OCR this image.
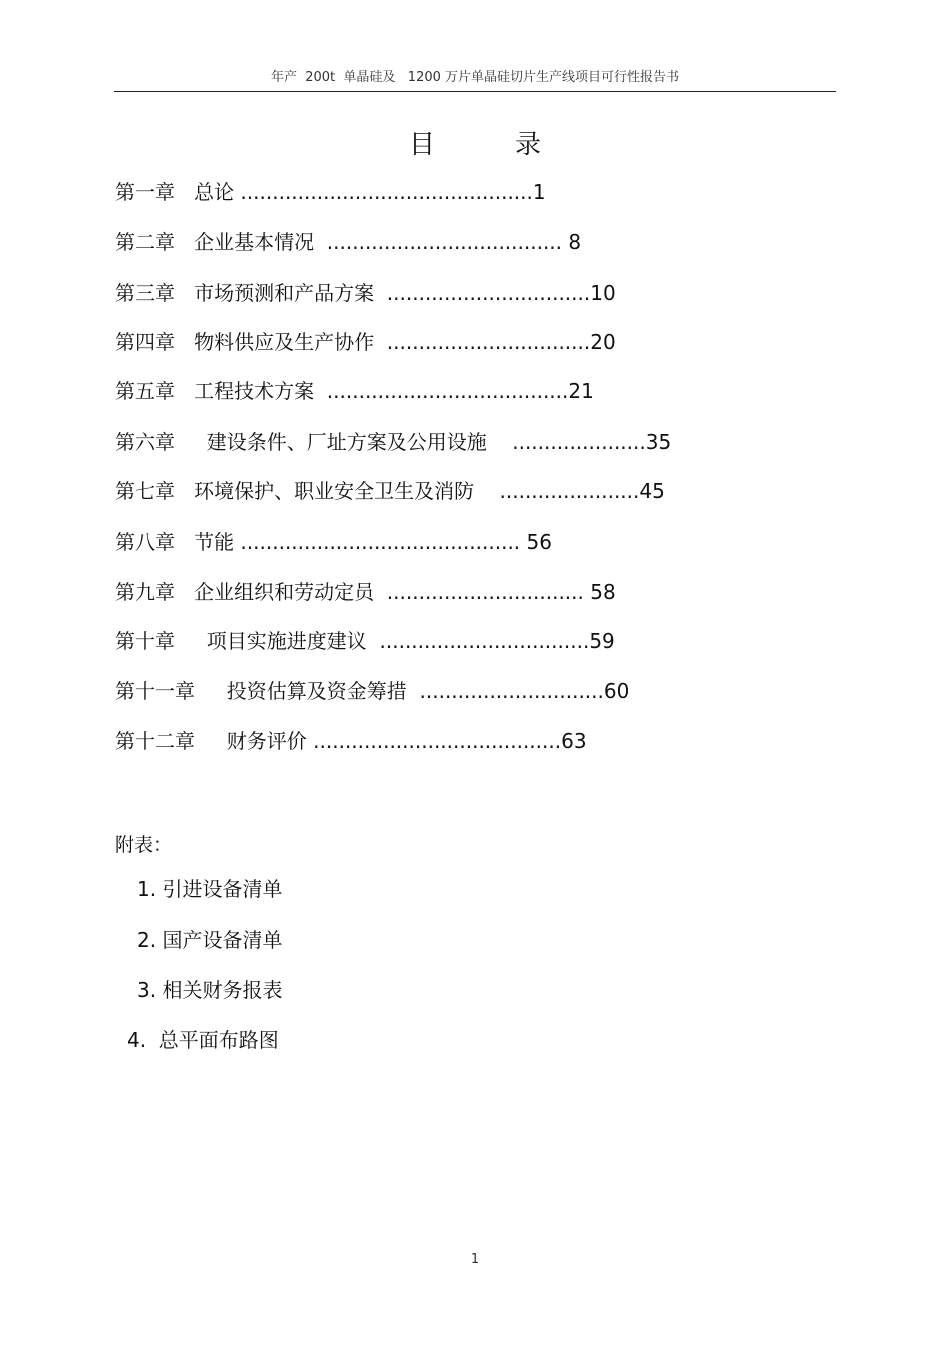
年产  200t  单晶硅及   1200 万片单晶硅切片生产线项目可行性报告书
目录
第一章 总论 ..............................................1
第二章 企业基本情况  ..................................... 8
第三章 市场预测和产品方案  ................................10
第四章 物料供应及生产协作  ................................20
第五章 工程技术方案  ......................................21
第六章 建设条件、厂址方案及公用设施    .....................35
第七章 环境保护、职业安全卫生及消防    ......................45
第八章 节能 ............................................ 56
第九章 企业组织和劳动定员  ............................... 58
第十章 项目实施进度建议  .................................59
第十一章 投资估算及资金筹措  .............................60
第十二章 财务评价 .......................................63
附表：
1. 引进设备清单
2. 国产设备清单
3. 相关财务报表
4.  总平面布路图
1
